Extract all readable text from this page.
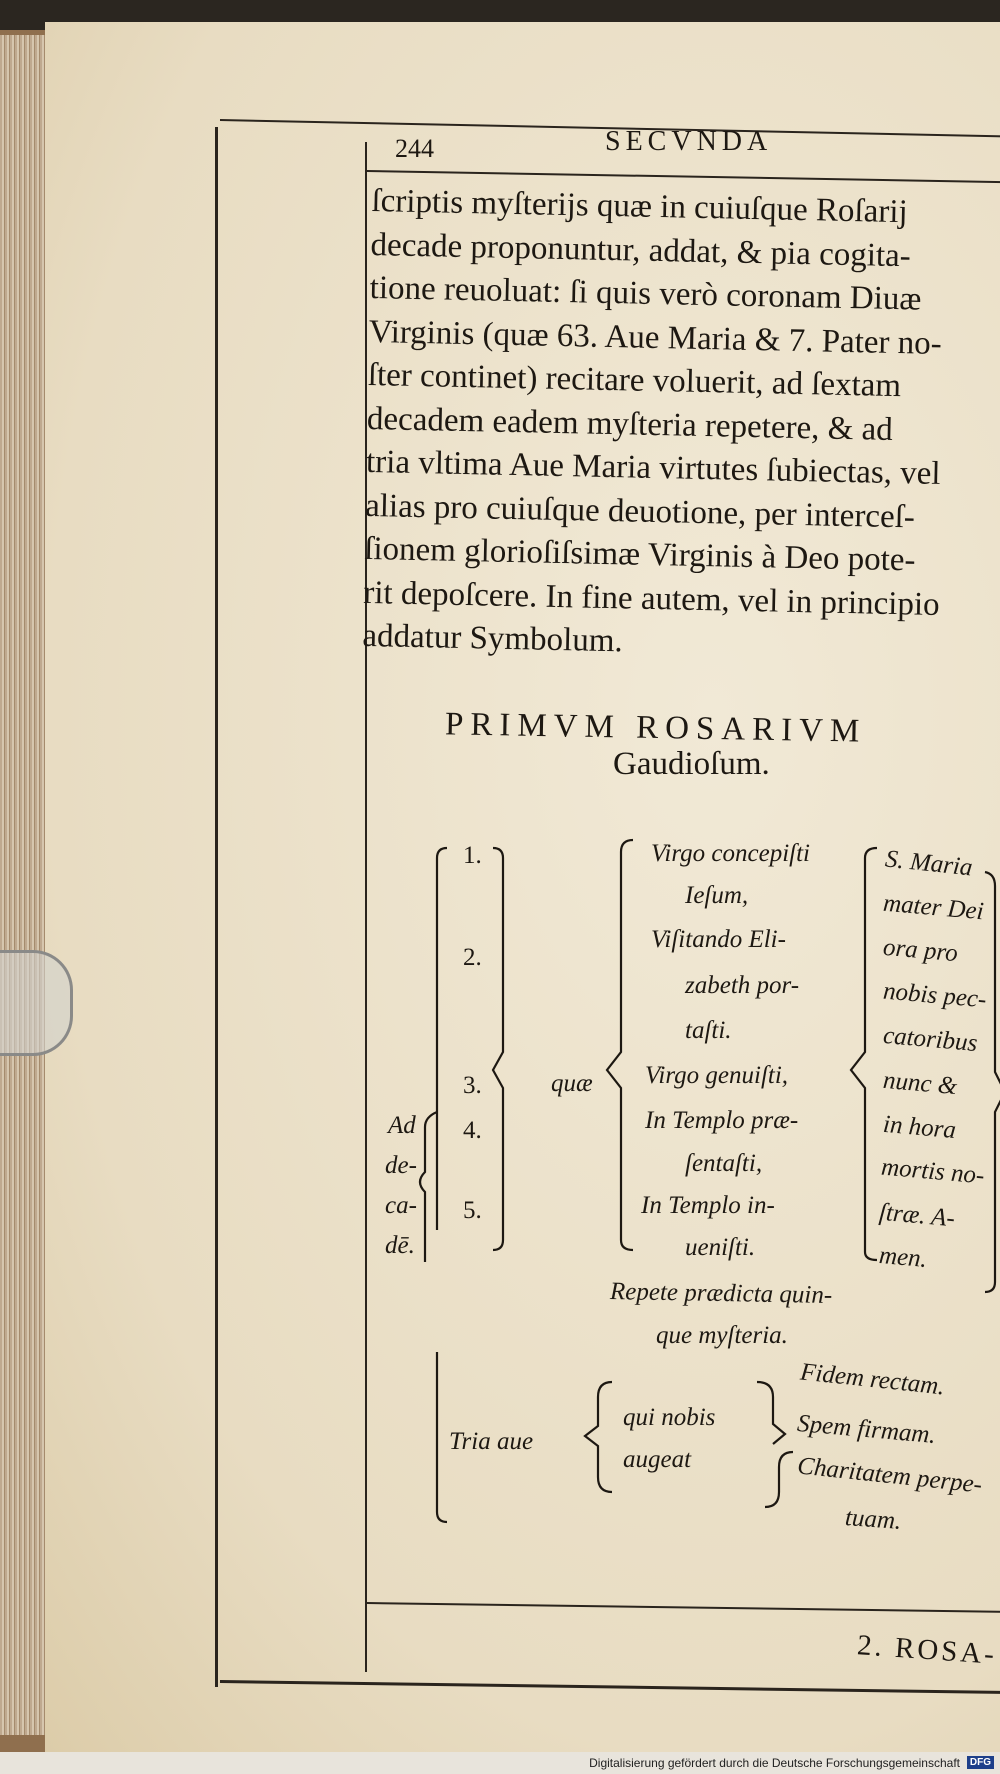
244	SECVNDA
ſcriptis myſterijs quæ in cuiuſque Roſarij
decade proponuntur, addat, & pia cogita-
tione reuoluat: ſi quis verò coronam Diuæ
Virginis (quæ 63. Aue Maria & 7. Pater no-
ſter continet) recitare voluerit, ad ſextam
decadem eadem myſteria repetere, & ad
tria vltima Aue Maria virtutes ſubiectas, vel
alias pro cuiuſque deuotione, per interceſ-
ſionem glorioſiſsimæ Virginis à Deo pote-
rit depoſcere. In fine autem, vel in principio
addatur Symbolum.
PRIMVM ROSARIVM
Gaudioſum.
Ad
de-
ca-
dē.
1.
2.
3.
4.
5.
quæ
Virgo concepiſti
Ieſum,
Viſitando Eli-
zabeth por-
taſti.
Virgo genuiſti,
In Templo præ-
ſentaſti,
In Templo in-
ueniſti.
S. Maria
mater Dei
ora pro
nobis pec-
catoribus
nunc &
in hora
mortis no-
ſtræ. A-
men.
Repete prædicta quin-
que myſteria.
Tria aue
qui nobis
augeat
Fidem rectam.
Spem firmam.
Charitatem perpe-
tuam.
2. ROSA-
Digitalisierung gefördert durch die Deutsche Forschungsgemeinschaft DFG
